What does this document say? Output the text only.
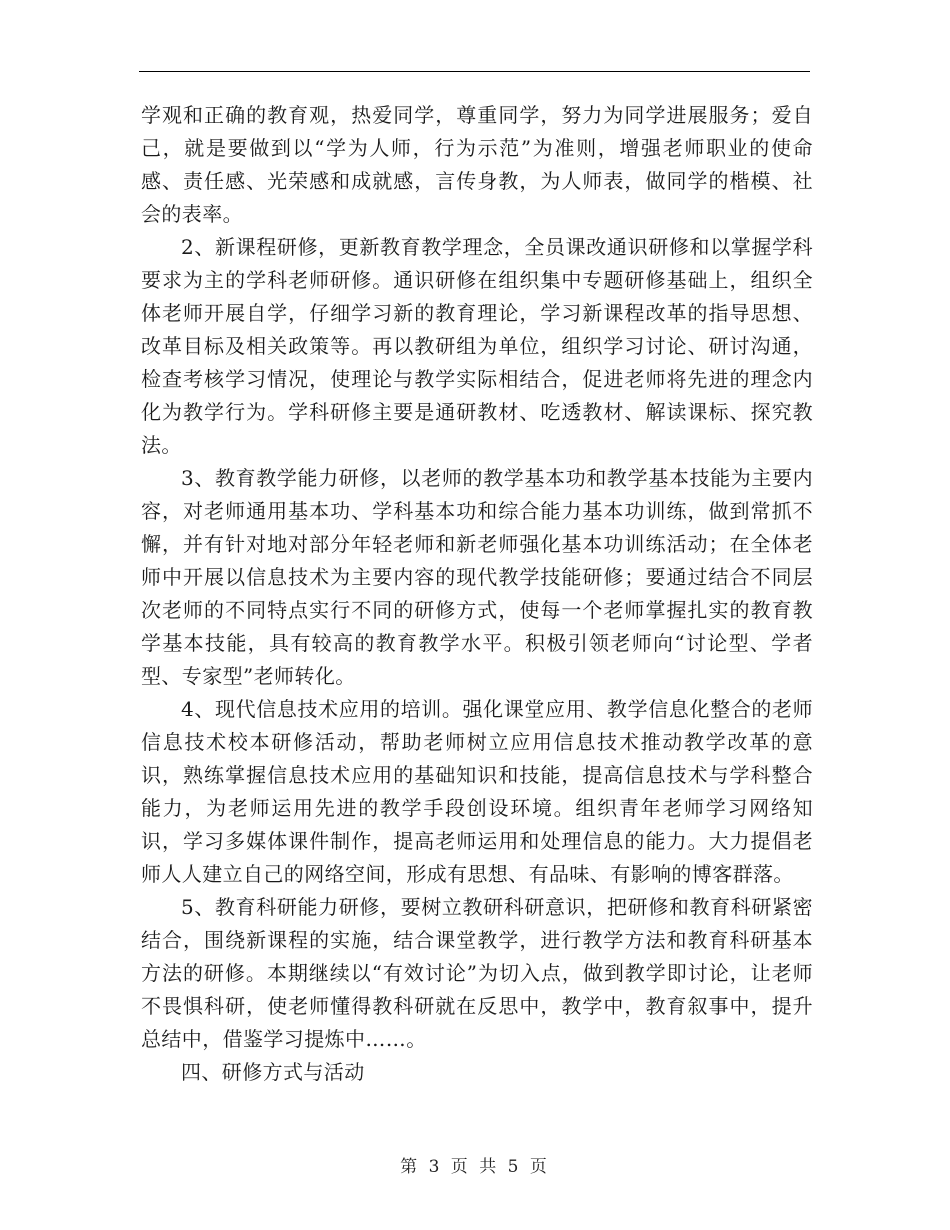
学观和正确的教育观，热爱同学，尊重同学，努力为同学进展服务；爱自己，就是要做到以“学为人师，行为示范”为准则，增强老师职业的使命感、责任感、光荣感和成就感，言传身教，为人师表，做同学的楷模、社会的表率。

2、新课程研修，更新教育教学理念，全员课改通识研修和以掌握学科要求为主的学科老师研修。通识研修在组织集中专题研修基础上，组织全体老师开展自学，仔细学习新的教育理论，学习新课程改革的指导思想、改革目标及相关政策等。再以教研组为单位，组织学习讨论、研讨沟通，检查考核学习情况，使理论与教学实际相结合，促进老师将先进的理念内化为教学行为。学科研修主要是通研教材、吃透教材、解读课标、探究教法。

3、教育教学能力研修，以老师的教学基本功和教学基本技能为主要内容，对老师通用基本功、学科基本功和综合能力基本功训练，做到常抓不懈，并有针对地对部分年轻老师和新老师强化基本功训练活动；在全体老师中开展以信息技术为主要内容的现代教学技能研修；要通过结合不同层次老师的不同特点实行不同的研修方式，使每一个老师掌握扎实的教育教学基本技能，具有较高的教育教学水平。积极引领老师向“讨论型、学者型、专家型”老师转化。

4、现代信息技术应用的培训。强化课堂应用、教学信息化整合的老师信息技术校本研修活动，帮助老师树立应用信息技术推动教学改革的意识，熟练掌握信息技术应用的基础知识和技能，提高信息技术与学科整合能力，为老师运用先进的教学手段创设环境。组织青年老师学习网络知识，学习多媒体课件制作，提高老师运用和处理信息的能力。大力提倡老师人人建立自己的网络空间，形成有思想、有品味、有影响的博客群落。

5、教育科研能力研修，要树立教研科研意识，把研修和教育科研紧密结合，围绕新课程的实施，结合课堂教学，进行教学方法和教育科研基本方法的研修。本期继续以“有效讨论”为切入点，做到教学即讨论，让老师不畏惧科研，使老师懂得教科研就在反思中，教学中，教育叙事中，提升总结中，借鉴学习提炼中……。

四、研修方式与活动

第 3 页 共 5 页
